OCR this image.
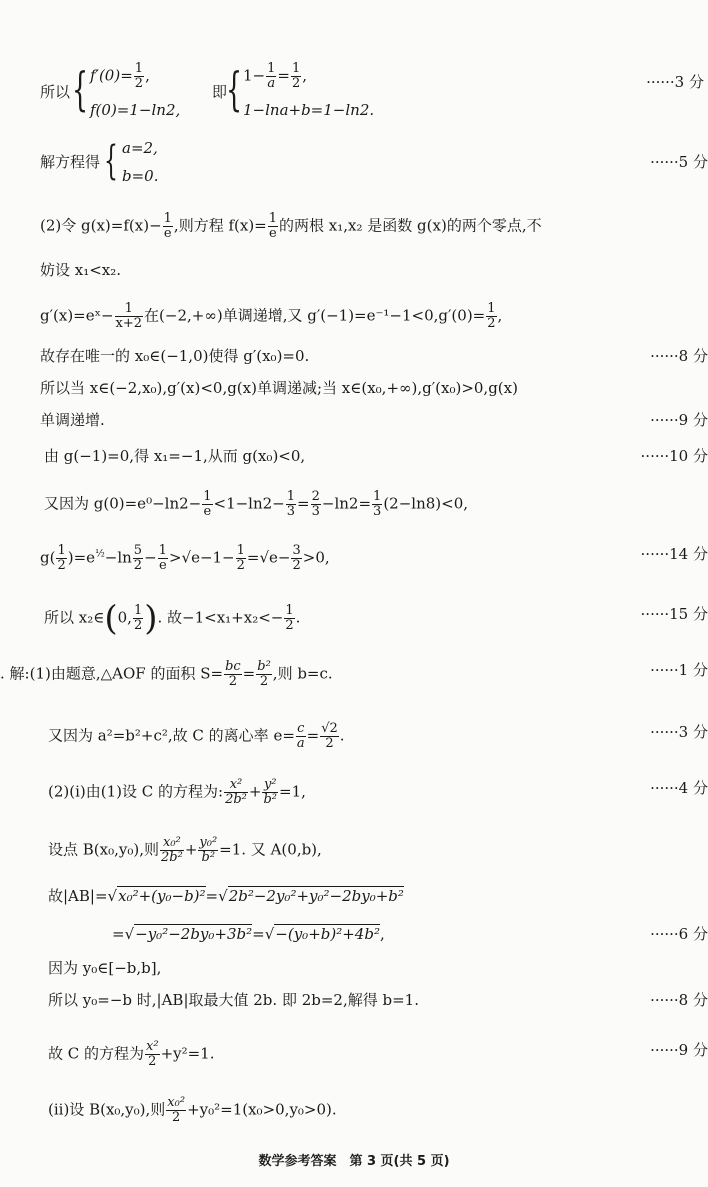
所以 { $f'(0)= \frac{1}{2}$ ,
f(0)=1−ln2,
即
{ $1- \frac{1}{a} = \frac{1}{2}$ ,
1−lna+b=1−ln2.
······3 分
解方程得 { a=2,
b=0.
······5 分
(2)令 $g(x)=f(x)- \frac{1}{e}$ ,则方程 $f(x)= \frac{1}{e}$ 的两根 x₁,x₂ 是函数 g(x)的两个零点,不
妨设 x₁<x₂.
g′(x)=eˣ− $\frac{1}{x+2}$ 在(−2,+∞)单调递增,又 $g'(-1)=e^{-1}-1<0,g'(0)= \frac{1}{2}$ ,
故存在唯一的 x₀∈(−1,0)使得 g′(x₀)=0.	······8 分
所以当 x∈(−2,x₀),g′(x)<0,g(x)单调递减;当 x∈(x₀,+∞),g′(x₀)>0,g(x)
单调递增.	······9 分
由 g(−1)=0,得 x₁=−1,从而 g(x₀)<0,	······10 分
又因为 $g(0)=e^0-\ln 2- \frac{1}{e} <1-\ln 2- \frac{1}{3} = \frac{2}{3} -\ln 2= \frac{1}{3} (2-\ln 8)<0$,
$g( \frac{1}{2} )=e^{\frac{1}{2}}-\ln \frac{5}{2} - \frac{1}{e} >√e-1- \frac{1}{2} =√e- \frac{3}{2} >0$,	······14 分
所以 x₂∈(0, $\frac{1}{2}$ ). 故$-1<x_1+x_2<- \frac{1}{2}$ .	······15 分
. 解:(1)由题意,△AOF 的面积 $S= \frac{bc}{2} = \frac{\text{b²}}{2}$ ,则 b=c.	······1 分
又因为 a²=b²+c²,故 C 的离心率 $e= \frac{c}{a} = \frac{√2}{2}$ .	······3 分
(2)(i)由(1)设 C 的方程为: $\frac{\text{x²}}{\text{2b²}} + \frac{\text{y²}}{\text{b²}} =1$,	······4 分
设点 B(x₀,y₀),则 $\frac{\text{x₀²}}{\text{2b²}} + \frac{\text{y₀²}}{\text{b²}} =1$. 又 A(0,b),
故|AB|=√x₀²+(y₀−b)²=√2b²−2y₀²+y₀²−2by₀+b²
=√−y₀²−2by₀+3b²=√−(y₀+b)²+4b²,	······6 分
因为 y₀∈[−b,b],
所以 y₀=−b 时,|AB|取最大值 2b. 即 2b=2,解得 b=1.	······8 分
故 C 的方程为 $\frac{\text{x²}}{2} +y^2=1$.	······9 分
(ii)设 B(x₀,y₀),则 $\frac{\text{x₀²}}{2} +y_0^2=1(x_0>0,y_0>0)$.
数学参考答案　第 3 页(共 5 页)
